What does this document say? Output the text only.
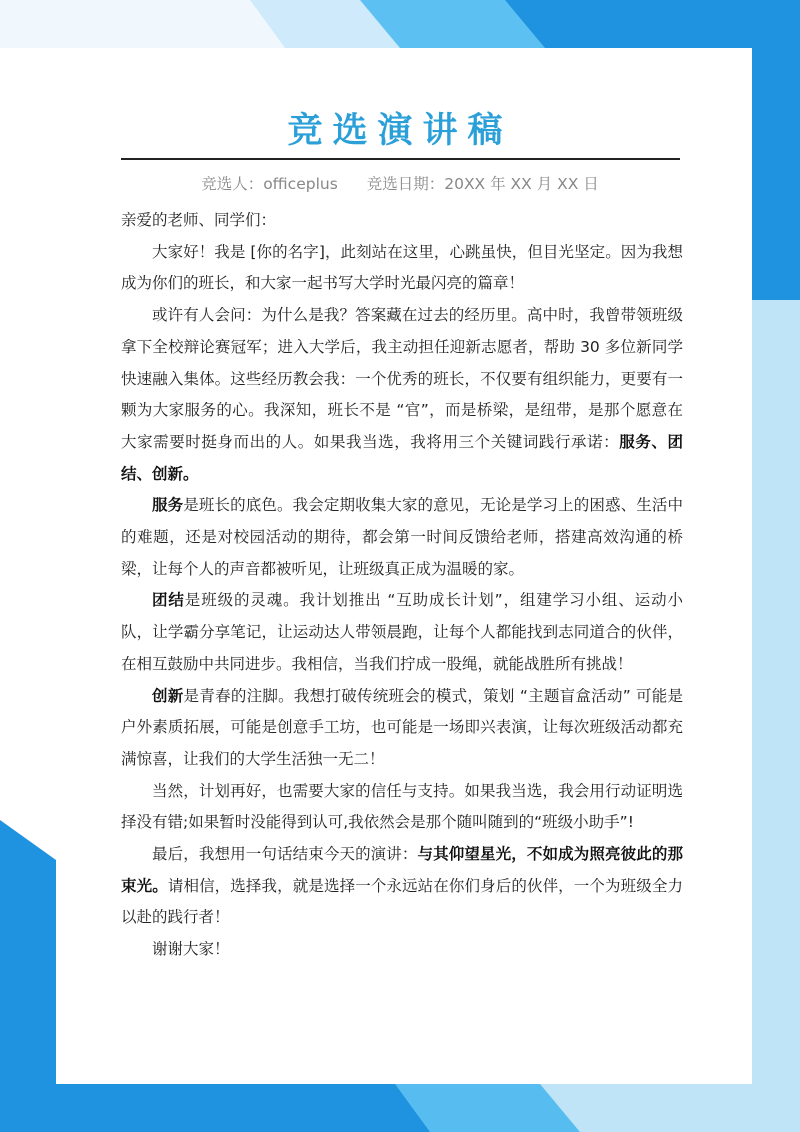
竞选演讲稿
竞选人：officeplus 竞选日期：20XX 年 XX 月 XX 日

亲爱的老师、同学们：

大家好！我是 [你的名字]，此刻站在这里，心跳虽快，但目光坚定。因为我想成为你们的班长，和大家一起书写大学时光最闪亮的篇章！

或许有人会问：为什么是我？答案藏在过去的经历里。高中时，我曾带领班级拿下全校辩论赛冠军；进入大学后，我主动担任迎新志愿者，帮助 30 多位新同学快速融入集体。这些经历教会我：一个优秀的班长，不仅要有组织能力，更要有一颗为大家服务的心。我深知，班长不是 “官”，而是桥梁，是纽带，是那个愿意在大家需要时挺身而出的人。如果我当选，我将用三个关键词践行承诺：服务、团结、创新。

服务是班长的底色。我会定期收集大家的意见，无论是学习上的困惑、生活中的难题，还是对校园活动的期待，都会第一时间反馈给老师，搭建高效沟通的桥梁，让每个人的声音都被听见，让班级真正成为温暖的家。

团结是班级的灵魂。我计划推出 “互助成长计划”，组建学习小组、运动小队，让学霸分享笔记，让运动达人带领晨跑，让每个人都能找到志同道合的伙伴，在相互鼓励中共同进步。我相信，当我们拧成一股绳，就能战胜所有挑战！

创新是青春的注脚。我想打破传统班会的模式，策划 “主题盲盒活动” 可能是户外素质拓展，可能是创意手工坊，也可能是一场即兴表演，让每次班级活动都充满惊喜，让我们的大学生活独一无二！

当然，计划再好，也需要大家的信任与支持。如果我当选，我会用行动证明选择没有错;如果暂时没能得到认可,我依然会是那个随叫随到的“班级小助手”!

最后，我想用一句话结束今天的演讲：与其仰望星光，不如成为照亮彼此的那束光。请相信，选择我，就是选择一个永远站在你们身后的伙伴，一个为班级全力以赴的践行者！

谢谢大家！
